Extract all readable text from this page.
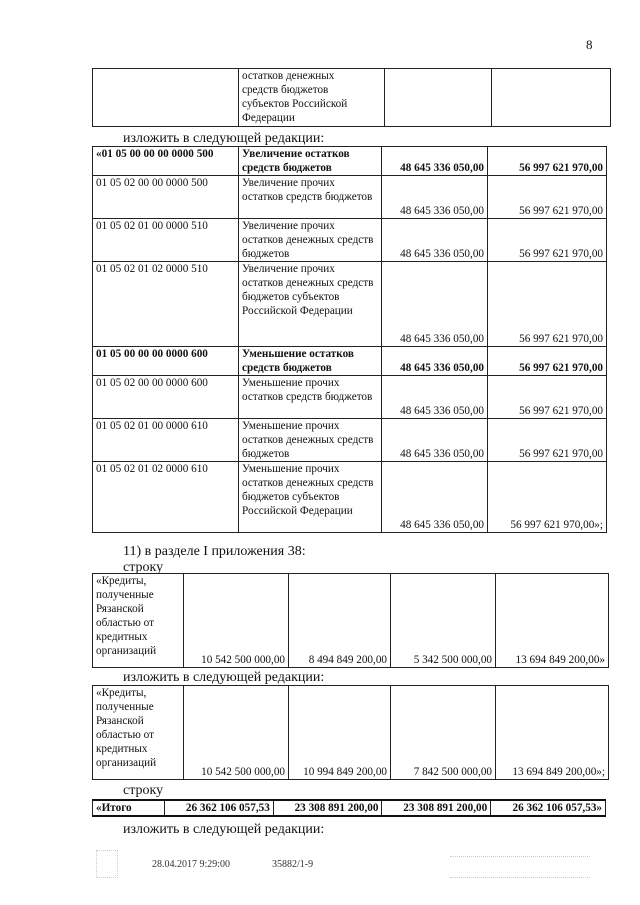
8
	остатков денежных
средств бюджетов
субъектов Российской
Федерации		
изложить в следующей редакции:
«01 05 00 00 00 0000 500	Увеличение остатков средств бюджетов	48 645 336 050,00	56 997 621 970,00
01 05 02 00 00 0000 500	Увеличение прочих остатков средств бюджетов	48 645 336 050,00	56 997 621 970,00
01 05 02 01 00 0000 510	Увеличение прочих остатков денежных средств бюджетов	48 645 336 050,00	56 997 621 970,00
01 05 02 01 02 0000 510	Увеличение прочих остатков денежных средств бюджетов субъектов Российской Федерации	48 645 336 050,00	56 997 621 970,00
01 05 00 00 00 0000 600	Уменьшение остатков средств бюджетов	48 645 336 050,00	56 997 621 970,00
01 05 02 00 00 0000 600	Уменьшение прочих остатков средств бюджетов	48 645 336 050,00	56 997 621 970,00
01 05 02 01 00 0000 610	Уменьшение прочих остатков денежных средств бюджетов	48 645 336 050,00	56 997 621 970,00
01 05 02 01 02 0000 610	Уменьшение прочих остатков денежных средств бюджетов субъектов Российской Федерации	48 645 336 050,00	56 997 621 970,00»;
11) в разделе I приложения 38:
строку
«Кредиты, полученные Рязанской областью от кредитных организаций	10 542 500 000,00	8 494 849 200,00	5 342 500 000,00	13 694 849 200,00»
изложить в следующей редакции:
«Кредиты, полученные Рязанской областью от кредитных организаций	10 542 500 000,00	10 994 849 200,00	7 842 500 000,00	13 694 849 200,00»;
строку
«Итого	26 362 106 057,53	23 308 891 200,00	23 308 891 200,00	26 362 106 057,53»
изложить в следующей редакции:
28.04.2017 9:29:00	35882/1-9
